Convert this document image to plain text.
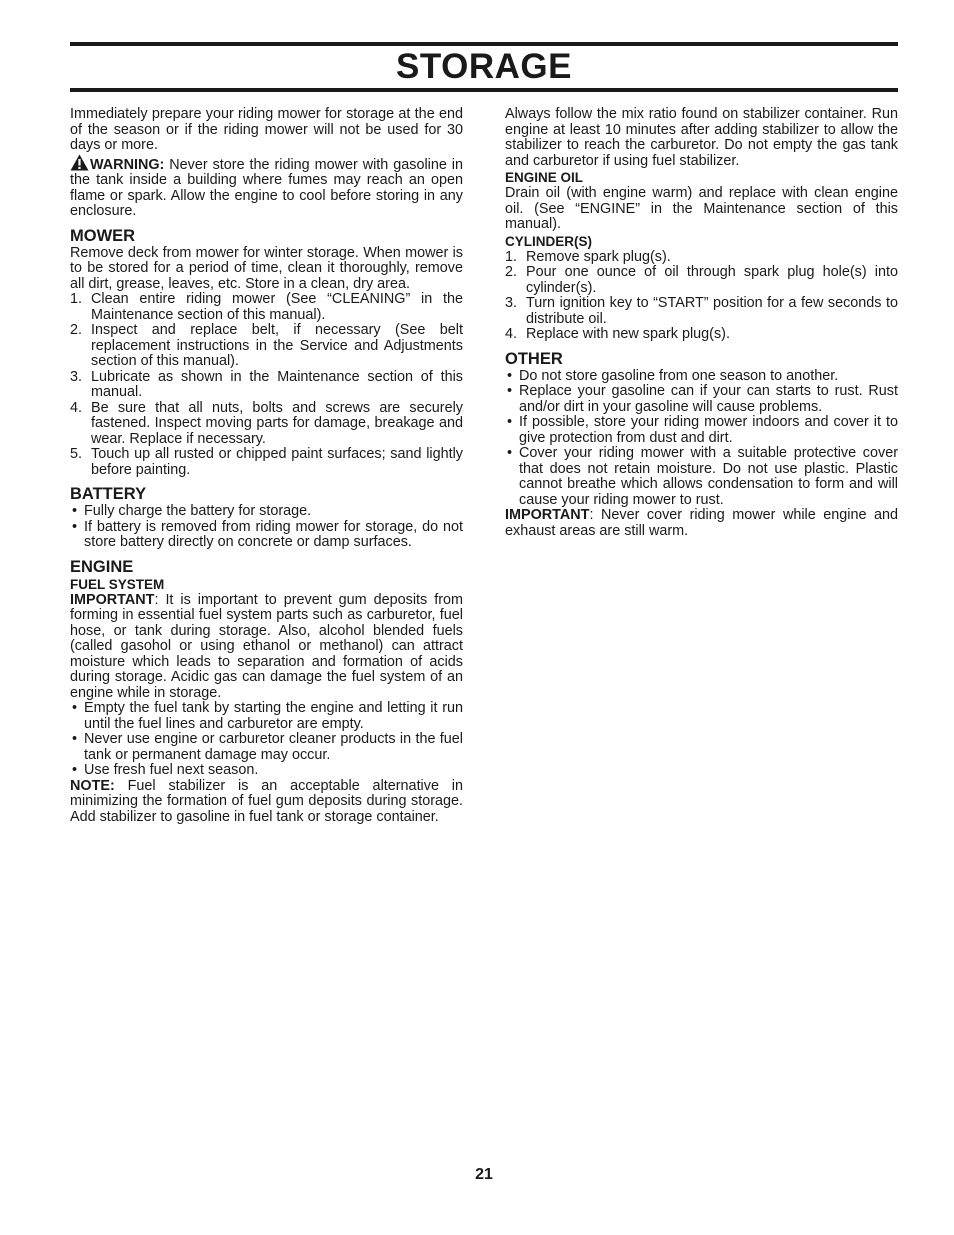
STORAGE

Immediately prepare your riding mower for storage at the end of the season or if the riding mower will not be used for 30 days or more.

WARNING: Never store the riding mower with gasoline in the tank inside a building where fumes may reach an open flame or spark. Allow the engine to cool before storing in any enclosure.

MOWER

Remove deck from mower for winter storage. When mower is to be stored for a period of time, clean it thoroughly, remove all dirt, grease, leaves, etc. Store in a clean, dry area.

1. Clean entire riding mower (See “CLEANING” in the Maintenance section of this manual).
2. Inspect and replace belt, if necessary (See belt replacement instructions in the Service and Adjustments section of this manual).
3. Lubricate as shown in the Maintenance section of this manual.
4. Be sure that all nuts, bolts and screws are securely fastened. Inspect moving parts for damage, breakage and wear. Replace if necessary.
5. Touch up all rusted or chipped paint surfaces; sand lightly before painting.
BATTERY
• Fully charge the battery for storage.
• If battery is removed from riding mower for storage, do not store battery directly on concrete or damp surfaces.
ENGINE
FUEL SYSTEM

IMPORTANT: It is important to prevent gum deposits from forming in essential fuel system parts such as carburetor, fuel hose, or tank during storage. Also, alcohol blended fuels (called gasohol or using ethanol or methanol) can attract moisture which leads to separation and formation of acids during storage. Acidic gas can damage the fuel system of an engine while in storage.

• Empty the fuel tank by starting the engine and letting it run until the fuel lines and carburetor are empty.
• Never use engine or carburetor cleaner products in the fuel tank or permanent damage may occur.
• Use fresh fuel next season.

NOTE: Fuel stabilizer is an acceptable alternative in minimizing the formation of fuel gum deposits during storage. Add stabilizer to gasoline in fuel tank or storage container.

Always follow the mix ratio found on stabilizer container. Run engine at least 10 minutes after adding stabilizer to allow the stabilizer to reach the carburetor. Do not empty the gas tank and carburetor if using fuel stabilizer.

ENGINE OIL

Drain oil (with engine warm) and replace with clean engine oil. (See “ENGINE” in the Maintenance section of this manual).

CYLINDER(S)
1. Remove spark plug(s).
2. Pour one ounce of oil through spark plug hole(s) into cylinder(s).
3. Turn ignition key to “START” position for a few seconds to distribute oil.
4. Replace with new spark plug(s).
OTHER
• Do not store gasoline from one season to another.
• Replace your gasoline can if your can starts to rust. Rust and/or dirt in your gasoline will cause problems.
• If possible, store your riding mower indoors and cover it to give protection from dust and dirt.
• Cover your riding mower with a suitable protective cover that does not retain moisture. Do not use plastic. Plastic cannot breathe which allows condensation to form and will cause your riding mower to rust.

IMPORTANT: Never cover riding mower while engine and exhaust areas are still warm.

21
